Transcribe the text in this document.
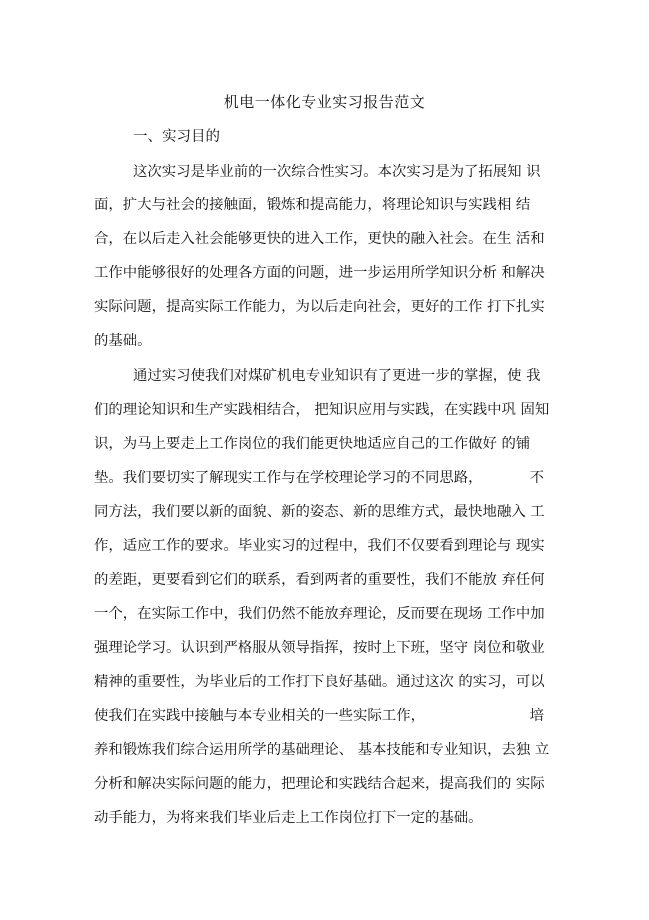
机电一体化专业实习报告范文
一、实习目的
这次实习是毕业前的一次综合性实习。本次实习是为了拓展知 识
面，扩大与社会的接触面，锻炼和提高能力，将理论知识与实践相 结
合，在以后走入社会能够更快的进入工作，更快的融入社会。在生 活和
工作中能够很好的处理各方面的问题，进一步运用所学知识分析 和解决
实际问题，提高实际工作能力，为以后走向社会，更好的工作 打下扎实
的基础。
通过实习使我们对煤矿机电专业知识有了更进一步的掌握，使 我
们的理论知识和生产实践相结合， 把知识应用与实践，在实践中巩 固知
识，为马上要走上工作岗位的我们能更快地适应自己的工作做好 的铺
垫。我们要切实了解现实工作与在学校理论学习的不同思路，	不
同方法，我们要以新的面貌、新的姿态、新的思维方式，最快地融入 工
作，适应工作的要求。毕业实习的过程中，我们不仅要看到理论与 现实
的差距，更要看到它们的联系，看到两者的重要性，我们不能放 弃任何
一个，在实际工作中，我们仍然不能放弃理论，反而要在现场 工作中加
强理论学习。认识到严格服从领导指挥，按时上下班，坚守 岗位和敬业
精神的重要性，为毕业后的工作打下良好基础。通过这次 的实习，可以
使我们在实践中接触与本专业相关的一些实际工作，	培
养和锻炼我们综合运用所学的基础理论、 基本技能和专业知识，去独 立
分析和解决实际问题的能力，把理论和实践结合起来，提高我们的 实际
动手能力，为将来我们毕业后走上工作岗位打下一定的基础。
